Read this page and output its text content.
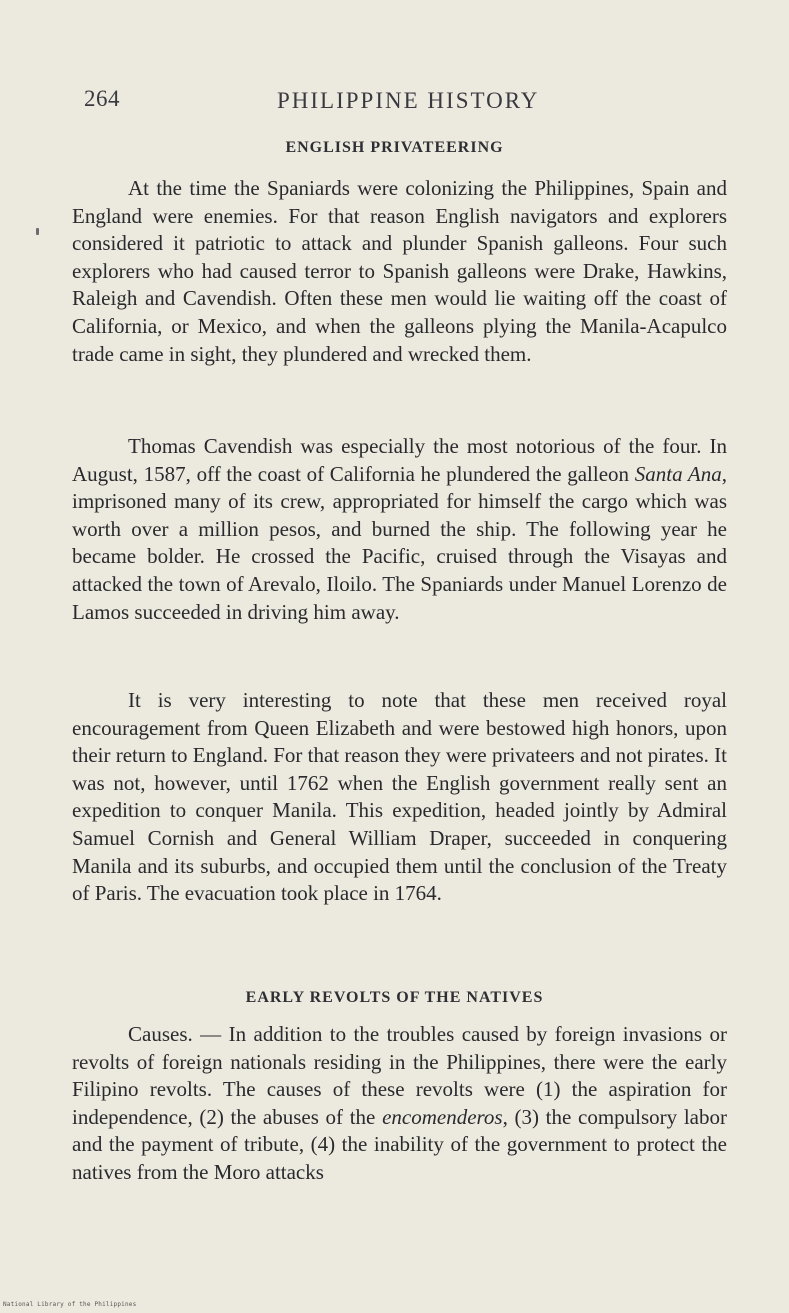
264	PHILIPPINE HISTORY
ENGLISH PRIVATEERING

At the time the Spaniards were colonizing the Philippines, Spain and England were enemies. For that reason English navigators and explorers considered it patriotic to attack and plunder Spanish galleons. Four such explorers who had caused terror to Spanish galleons were Drake, Hawkins, Raleigh and Cavendish. Often these men would lie waiting off the coast of California, or Mexico, and when the galleons plying the Manila-Acapulco trade came in sight, they plundered and wrecked them.

Thomas Cavendish was especially the most notorious of the four. In August, 1587, off the coast of California he plundered the galleon Santa Ana, imprisoned many of its crew, appropriated for himself the cargo which was worth over a million pesos, and burned the ship. The following year he became bolder. He crossed the Pacific, cruised through the Visayas and attacked the town of Arevalo, Iloilo. The Spaniards under Manuel Lorenzo de Lamos succeeded in driving him away.

It is very interesting to note that these men received royal encouragement from Queen Elizabeth and were bestowed high honors, upon their return to England. For that reason they were privateers and not pirates. It was not, however, until 1762 when the English government really sent an expedition to conquer Manila. This expedition, headed jointly by Admiral Samuel Cornish and General William Draper, succeeded in conquering Manila and its suburbs, and occupied them until the conclusion of the Treaty of Paris. The evacuation took place in 1764.

EARLY REVOLTS OF THE NATIVES

Causes. — In addition to the troubles caused by foreign invasions or revolts of foreign nationals residing in the Philippines, there were the early Filipino revolts. The causes of these revolts were (1) the aspiration for independence, (2) the abuses of the encomenderos, (3) the compulsory labor and the payment of tribute, (4) the inability of the government to protect the natives from the Moro attacks

National Library of the Philippines
